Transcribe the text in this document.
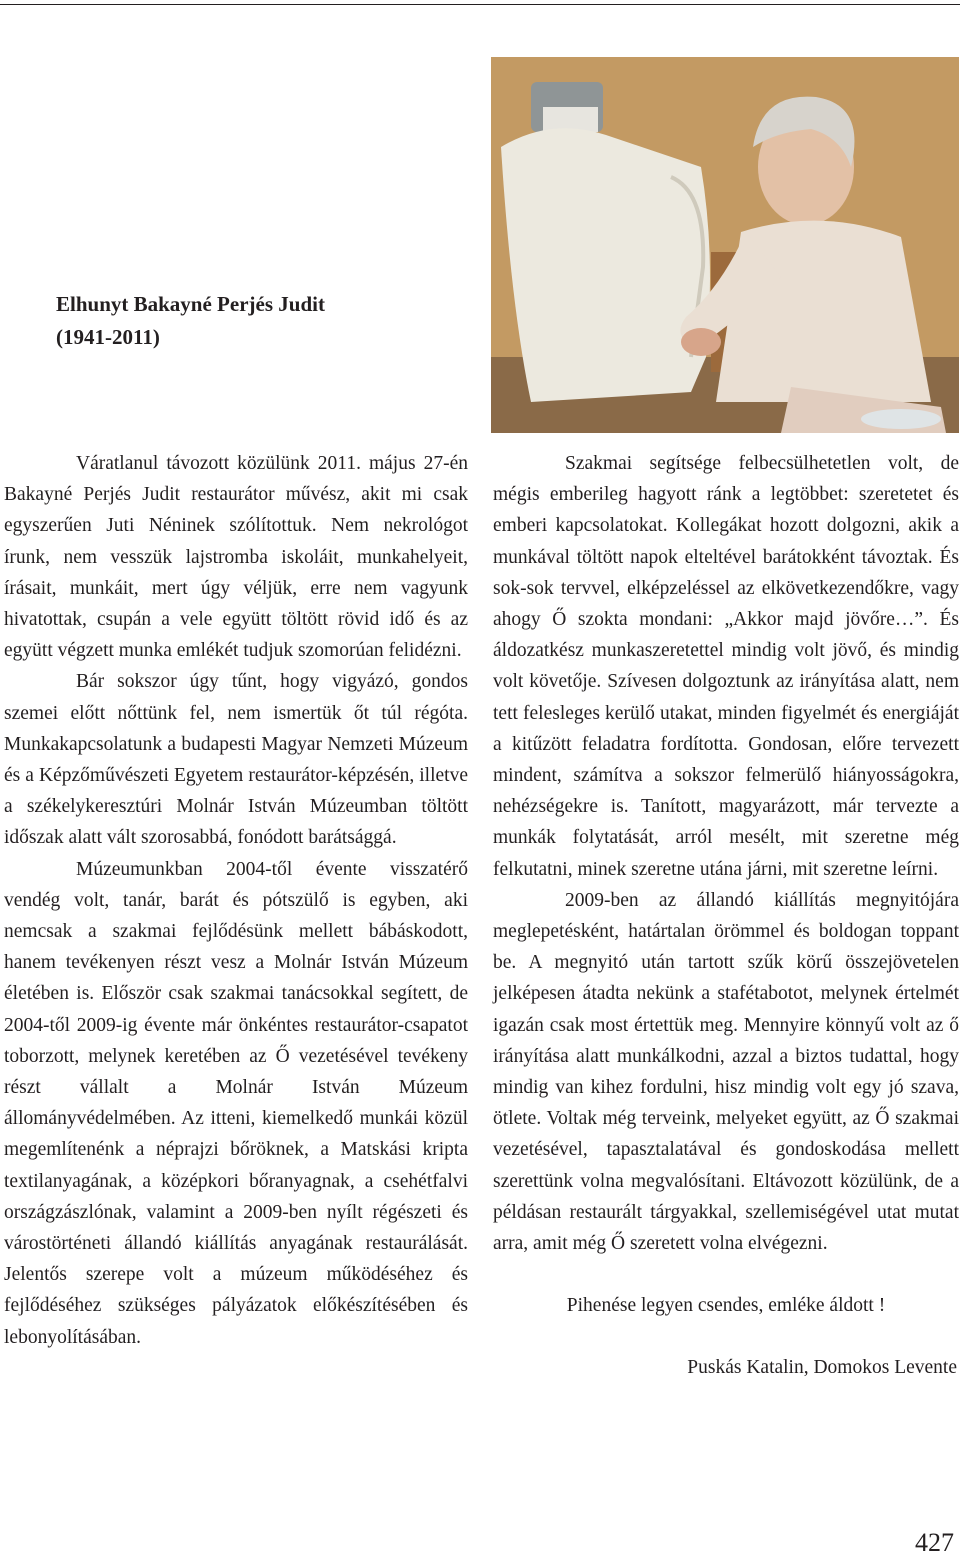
Elhunyt Bakayné Perjés Judit
(1941-2011)

Váratlanul távozott közülünk 2011. május 27-én Bakayné Perjés Judit restaurátor művész, akit mi csak egyszerűen Juti Néninek szólítottuk. Nem nekrológot írunk, nem vesszük lajstromba iskoláit, munkahelyeit, írásait, munkáit, mert úgy véljük, erre nem vagyunk hivatottak, csupán a vele együtt töltött rövid idő és az együtt végzett munka emlékét tudjuk szomorúan felidézni.

Bár sokszor úgy tűnt, hogy vigyázó, gondos szemei előtt nőttünk fel, nem ismertük őt túl régóta. Munkakapcsolatunk a budapesti Magyar Nemzeti Múzeum és a Képzőművészeti Egyetem restaurátor-képzésén, illetve a székelykeresztúri Molnár István Múzeumban töltött időszak alatt vált szorosabbá, fonódott barátsággá.

Múzeumunkban 2004-től évente visszatérő vendég volt, tanár, barát és pótszülő is egyben, aki nemcsak a szakmai fejlődésünk mellett bábáskodott, hanem tevékenyen részt vesz a Molnár István Múzeum életében is. Először csak szakmai tanácsokkal segített, de 2004-től 2009-ig évente már önkéntes restaurátor-csapatot toborzott, melynek keretében az Ő vezetésével tevékeny részt vállalt a Molnár István Múzeum állományvédelmében. Az itteni, kiemelkedő munkái közül megemlítenénk a néprajzi bőröknek, a Matskási kripta textilanyagának, a középkori bőranyagnak, a csehétfalvi országzászlónak, valamint a 2009-ben nyílt régészeti és várostörténeti állandó kiállítás anyagának restaurálását. Jelentős szerepe volt a múzeum működéséhez és fejlődéséhez szükséges pályázatok előkészítésében és lebonyolításában.

Szakmai segítsége felbecsülhetetlen volt, de mégis emberileg hagyott ránk a legtöbbet: szeretetet és emberi kapcsolatokat. Kollegákat hozott dolgozni, akik a munkával töltött napok elteltével barátokként távoztak. És sok-sok tervvel, elképzeléssel az elkövetkezendőkre, vagy ahogy Ő szokta mondani: „Akkor majd jövőre…”. És áldozatkész munkaszeretettel mindig volt jövő, és mindig volt követője. Szívesen dolgoztunk az irányítása alatt, nem tett felesleges kerülő utakat, minden figyelmét és energiáját a kitűzött feladatra fordította. Gondosan, előre tervezett mindent, számítva a sokszor felmerülő hiányosságokra, nehézségekre is. Tanított, magyarázott, már tervezte a munkák folytatását, arról mesélt, mit szeretne még felkutatni, minek szeretne utána járni, mit szeretne leírni.

2009-ben az állandó kiállítás megnyitójára meglepetésként, határtalan örömmel és boldogan toppant be. A megnyitó után tartott szűk körű összejövetelen jelképesen átadta nekünk a stafétabotot, melynek értelmét igazán csak most értettük meg. Mennyire könnyű volt az ő irányítása alatt munkálkodni, azzal a biztos tudattal, hogy mindig van kihez fordulni, hisz mindig volt egy jó szava, ötlete. Voltak még terveink, melyeket együtt, az Ő szakmai vezetésével, tapasztalatával és gondoskodása mellett szerettünk volna megvalósítani. Eltávozott közülünk, de a példásan restaurált tárgyakkal, szellemiségével utat mutat arra, amit még Ő szeretett volna elvégezni.

Pihenése legyen csendes, emléke áldott !

Puskás Katalin, Domokos Levente

427
